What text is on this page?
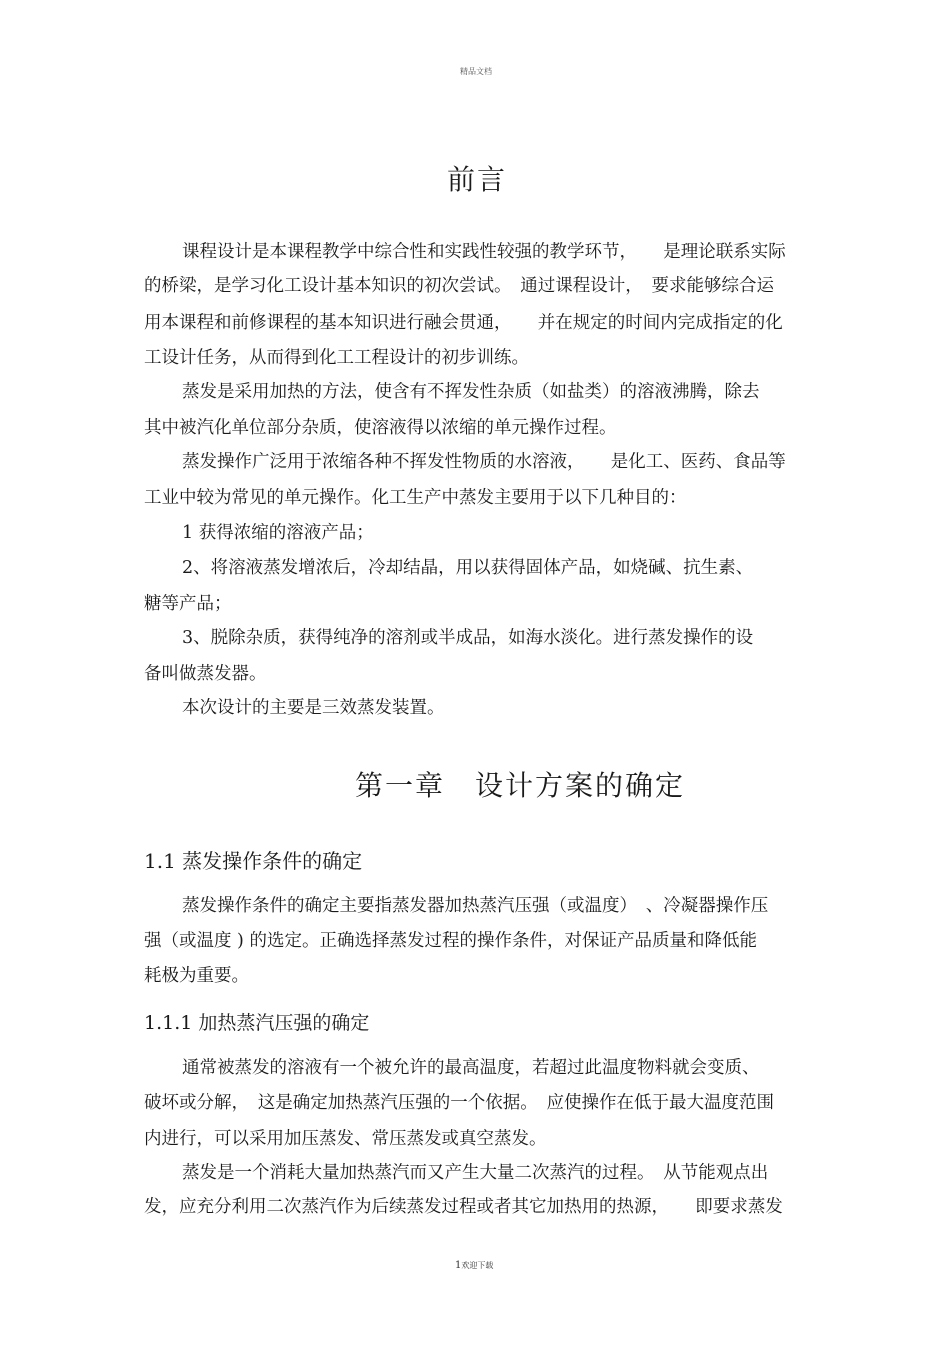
精品文档
前言
课程设计是本课程教学中综合性和实践性较强的教学环节，　　是理论联系实际
的桥梁，是学习化工设计基本知识的初次尝试。　通过课程设计，　要求能够综合运
用本课程和前修课程的基本知识进行融会贯通，　　并在规定的时间内完成指定的化
工设计任务，从而得到化工工程设计的初步训练。
蒸发是采用加热的方法，使含有不挥发性杂质（如盐类）的溶液沸腾，除去
其中被汽化单位部分杂质，使溶液得以浓缩的单元操作过程。
蒸发操作广泛用于浓缩各种不挥发性物质的水溶液，　　是化工、医药、食品等
工业中较为常见的单元操作。化工生产中蒸发主要用于以下几种目的：
1 获得浓缩的溶液产品；
2、将溶液蒸发增浓后，冷却结晶，用以获得固体产品，如烧碱、抗生素、
糖等产品；
3、脱除杂质，获得纯净的溶剂或半成品，如海水淡化。进行蒸发操作的设
备叫做蒸发器。
本次设计的主要是三效蒸发装置。
第一章　设计方案的确定
1.1 蒸发操作条件的确定
蒸发操作条件的确定主要指蒸发器加热蒸汽压强（或温度）　、冷凝器操作压
强（或温度 ) 的选定。正确选择蒸发过程的操作条件，对保证产品质量和降低能
耗极为重要。
1.1.1 加热蒸汽压强的确定
通常被蒸发的溶液有一个被允许的最高温度，若超过此温度物料就会变质、
破坏或分解，　这是确定加热蒸汽压强的一个依据。　应使操作在低于最大温度范围
内进行，可以采用加压蒸发、常压蒸发或真空蒸发。
蒸发是一个消耗大量加热蒸汽而又产生大量二次蒸汽的过程。　从节能观点出
发，应充分利用二次蒸汽作为后续蒸发过程或者其它加热用的热源，　　即要求蒸发
1欢迎下载
